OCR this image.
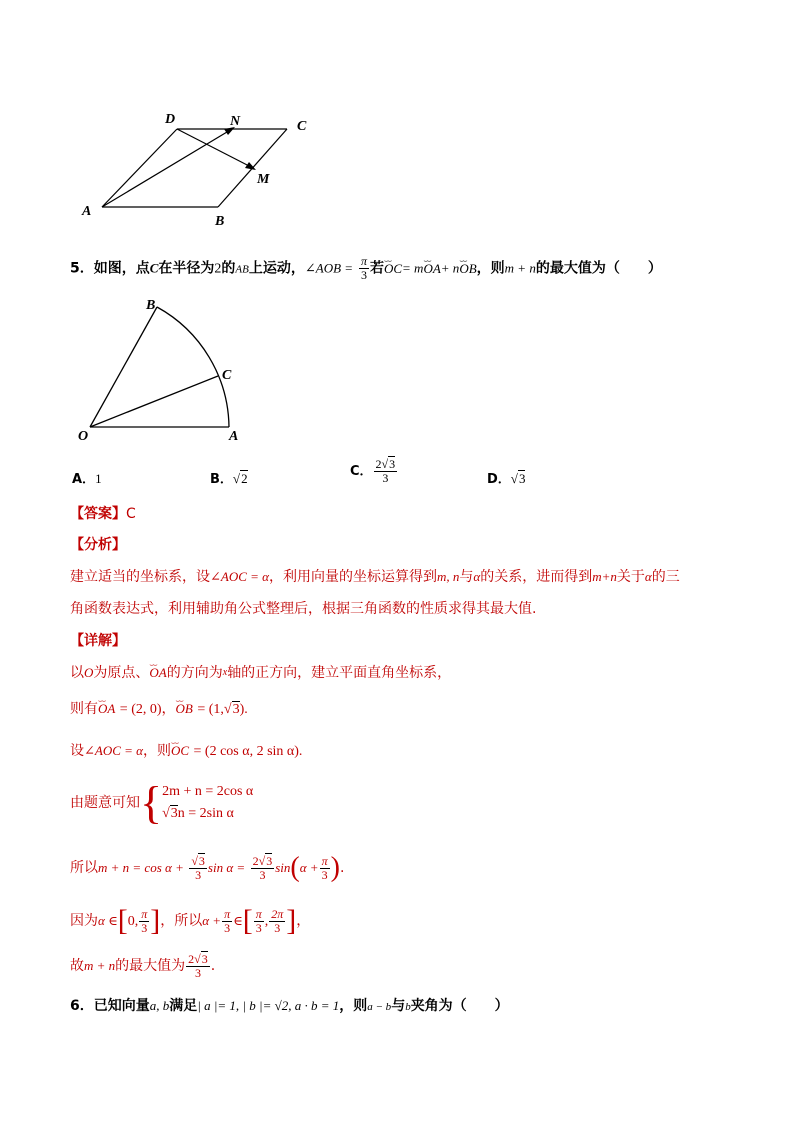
D	N	C
M
A
B
5．如图，点C在半径为2的AB上运动，∠AOB = $\frac{\pi}{3}$ 若⌣⌣ OC= m⌣⌣ OA+ n⌣⌣ OB，则m + n的最大值为（　　）
B
C
O	A
A．1	B．√2	C． $\frac{2√3}{3}$	D．√3
【答案】C
【分析】
建立适当的坐标系，设∠AOC = α，利用向量的坐标运算得到m, n与α的关系，进而得到m+n关于α的三
角函数表达式，利用辅助角公式整理后，根据三角函数的性质求得其最大值.
【详解】
以O为原点、⌣⌣ OA的方向为$^x$轴的正方向，建立平面直角坐标系，
则有⌣⌣ OA = (2, 0)，⌣⌣ OB = (1,√3).
设∠AOC = α，则⌣⌣ OC = (2 cos α, 2 sin α).
由题意可知{ 2m + n = 2cos α
√3n = 2sin α
所以$m + n = \cos \alpha + \frac{√3}{3}$ $\sin \alpha = \frac{2√3}{3} \sin(\alpha + \frac{\pi}{3}$ ).
因为α ∈[0, $\frac{\pi}{3}$ ]，所以$\alpha + \frac{\pi}{3}$ ∈[ $\frac{\pi}{3}$ , $\frac{2\pi}{3}$ ]，
故m + n的最大值为 $\frac{2√3}{3}$ .
6．已知向量a, b满足| a |= 1, | b |= √2, a · b = 1，则a − b与b夹角为（　　）
